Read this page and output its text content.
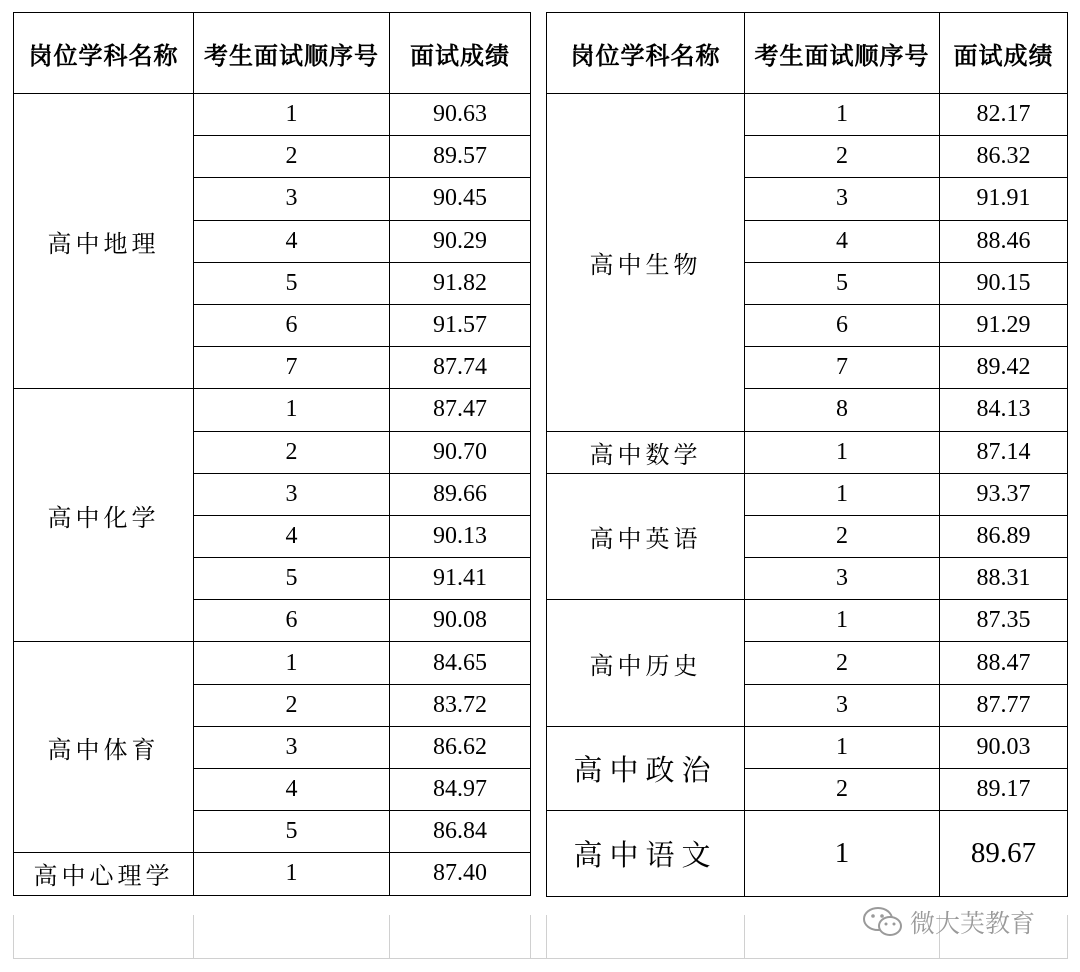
岗位学科名称	考生面试顺序号	面试成绩
高中地理	1	90.63
	2	89.57
	3	90.45
	4	90.29
	5	91.82
	6	91.57
	7	87.74
高中化学	1	87.47
	2	90.70
	3	89.66
	4	90.13
	5	91.41
	6	90.08
高中体育	1	84.65
	2	83.72
	3	86.62
	4	84.97
	5	86.84
高中心理学	1	87.40
岗位学科名称	考生面试顺序号	面试成绩
高中生物	1	82.17
	2	86.32
	3	91.91
	4	88.46
	5	90.15
	6	91.29
	7	89.42
	8	84.13
高中数学	1	87.14
高中英语	1	93.37
	2	86.89
	3	88.31
高中历史	1	87.35
	2	88.47
	3	87.77
高中政治	1	90.03
	2	89.17
高中语文	1	89.67
微大芙教育
